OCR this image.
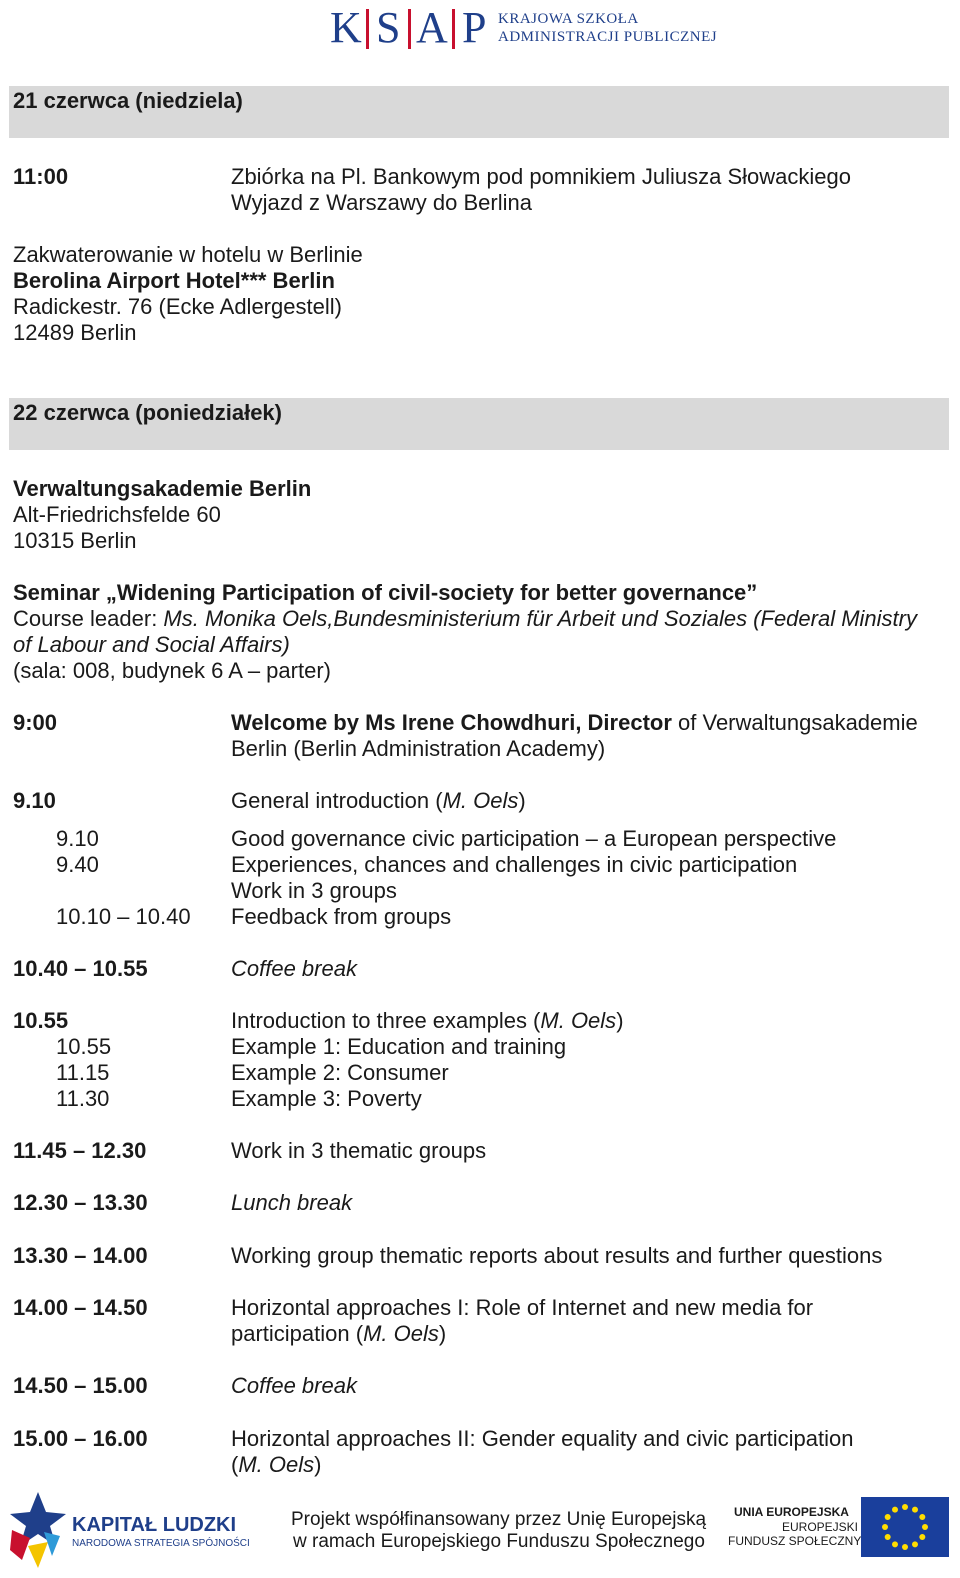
K S A P KRAJOWA SZKOŁA
ADMINISTRACJI PUBLICZNEJ
21 czerwca (niedziela)
11:00	Zbiórka na Pl. Bankowym pod pomnikiem Juliusza Słowackiego
Wyjazd z Warszawy do Berlina
Zakwaterowanie w hotelu w Berlinie
Berolina Airport Hotel*** Berlin
Radickestr. 76 (Ecke Adlergestell)
12489 Berlin
22 czerwca (poniedziałek)
Verwaltungsakademie Berlin
Alt-Friedrichsfelde 60
10315 Berlin
Seminar „Widening Participation of civil-society for better governance”
Course leader: Ms. Monika Oels,Bundesministerium für Arbeit und Soziales (Federal Ministry
of Labour and Social Affairs)
(sala: 008, budynek 6 A – parter)
9:00	Welcome by Ms Irene Chowdhuri, Director of Verwaltungsakademie
Berlin (Berlin Administration Academy)
9.10	General introduction (M. Oels)
9.10	Good governance civic participation – a European perspective
9.40	Experiences, chances and challenges in civic participation
Work in 3 groups
10.10 – 10.40 Feedback from groups
10.40 – 10.55	Coffee break
10.55	Introduction to three examples (M. Oels)
10.55	Example 1: Education and training
11.15	Example 2: Consumer
11.30	Example 3: Poverty
11.45 – 12.30	Work in 3 thematic groups
12.30 – 13.30	Lunch break
13.30 – 14.00	Working group thematic reports about results and further questions
14.00 – 14.50	Horizontal approaches I: Role of Internet and new media for
participation (M. Oels)
14.50 – 15.00	Coffee break
15.00 – 16.00	Horizontal approaches II: Gender equality and civic participation
(M. Oels)
KAPITAŁ LUDZKI
NARODOWA STRATEGIA SPÓJNOŚCI
Projekt współfinansowany przez Unię Europejską
w ramach Europejskiego Funduszu Społecznego
UNIA EUROPEJSKA
EUROPEJSKI
FUNDUSZ SPOŁECZNY
